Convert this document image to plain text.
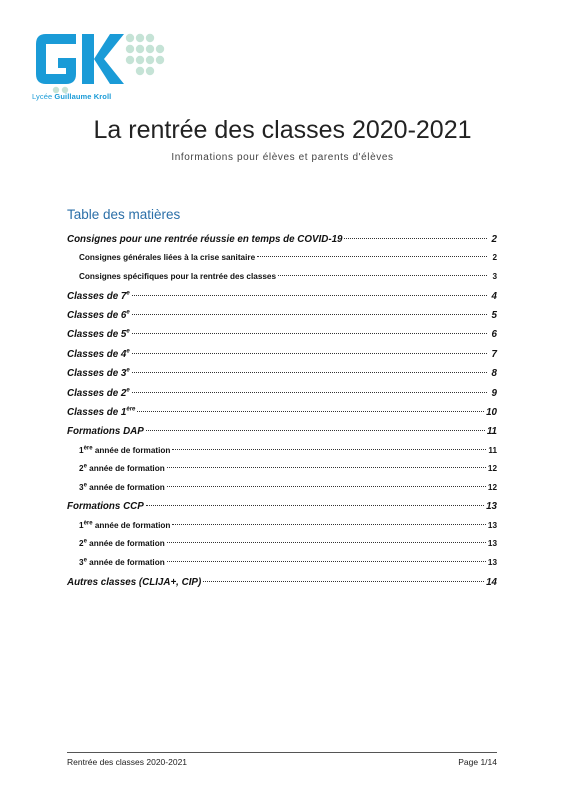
Lycée Guillaume Kroll
La rentrée des classes 2020-2021
Informations pour élèves et parents d'élèves
Table des matières
Consignes pour une rentrée réussie en temps de COVID-19	2
Consignes générales liées à la crise sanitaire	2
Consignes spécifiques pour la rentrée des classes	3
Classes de 7e	4
Classes de 6e	5
Classes de 5e	6
Classes de 4e	7
Classes de 3e	8
Classes de 2e	9
Classes de 1ère	10
Formations DAP	11
1ère année de formation	11
2e année de formation	12
3e année de formation	12
Formations CCP	13
1ère année de formation	13
2e année de formation	13
3e année de formation	13
Autres classes (CLIJA+, CIP)	14
Rentrée des classes 2020-2021	Page 1/14
